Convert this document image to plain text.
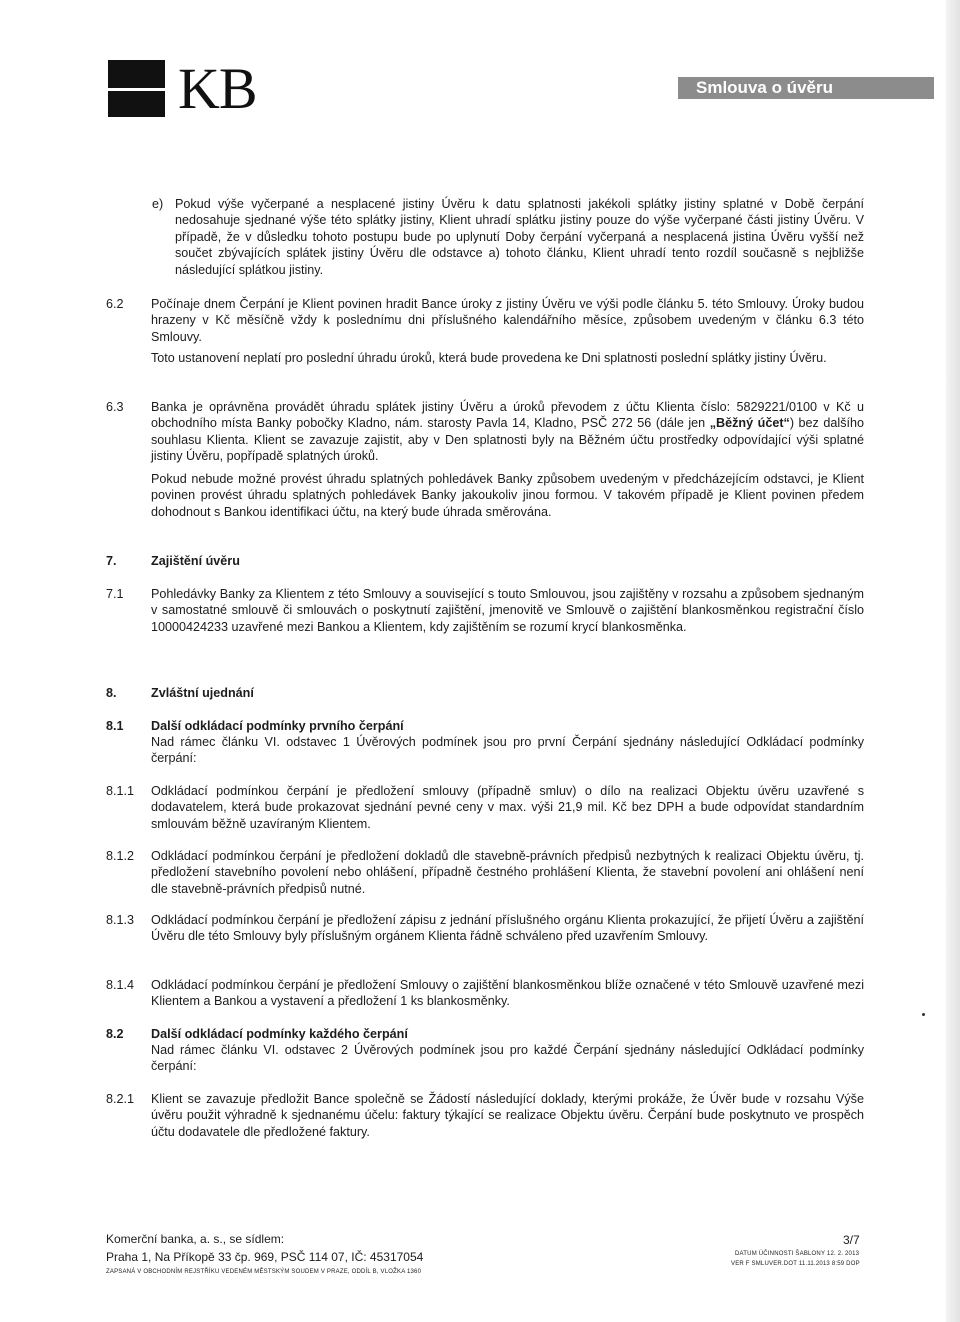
KB	Smlouva o úvěru
e) Pokud výše vyčerpané a nesplacené jistiny Úvěru k datu splatnosti jakékoli splátky jistiny splatné v Době čerpání nedosahuje sjednané výše této splátky jistiny, Klient uhradí splátku jistiny pouze do výše vyčerpané části jistiny Úvěru. V případě, že v důsledku tohoto postupu bude po uplynutí Doby čerpání vyčerpaná a nesplacená jistina Úvěru vyšší než součet zbývajících splátek jistiny Úvěru dle odstavce a) tohoto článku, Klient uhradí tento rozdíl současně s nejbližše následující splátkou jistiny.
6.2 Počínaje dnem Čerpání je Klient povinen hradit Bance úroky z jistiny Úvěru ve výši podle článku 5. této Smlouvy. Úroky budou hrazeny v Kč měsíčně vždy k poslednímu dni příslušného kalendářního měsíce, způsobem uvedeným v článku 6.3 této Smlouvy.
Toto ustanovení neplatí pro poslední úhradu úroků, která bude provedena ke Dni splatnosti poslední splátky jistiny Úvěru.
6.3 Banka je oprávněna provádět úhradu splátek jistiny Úvěru a úroků převodem z účtu Klienta číslo: 5829221/0100 v Kč u obchodního místa Banky pobočky Kladno, nám. starosty Pavla 14, Kladno, PSČ 272 56 (dále jen „Běžný účet“) bez dalšího souhlasu Klienta. Klient se zavazuje zajistit, aby v Den splatnosti byly na Běžném účtu prostředky odpovídající výši splatné jistiny Úvěru, popřípadě splatných úroků.
Pokud nebude možné provést úhradu splatných pohledávek Banky způsobem uvedeným v předcházejícím odstavci, je Klient povinen provést úhradu splatných pohledávek Banky jakoukoliv jinou formou. V takovém případě je Klient povinen předem dohodnout s Bankou identifikaci účtu, na který bude úhrada směrována.
7.	Zajištění úvěru
7.1 Pohledávky Banky za Klientem z této Smlouvy a související s touto Smlouvou, jsou zajištěny v rozsahu a způsobem sjednaným v samostatné smlouvě či smlouvách o poskytnutí zajištění, jmenovitě ve Smlouvě o zajištění blankosměnkou registrační číslo 10000424233 uzavřené mezi Bankou a Klientem, kdy zajištěním se rozumí krycí blankosměnka.
8.	Zvláštní ujednání
8.1 Další odkládací podmínky prvního čerpání
Nad rámec článku VI. odstavec 1 Úvěrových podmínek jsou pro první Čerpání sjednány následující Odkládací podmínky čerpání:
8.1.1 Odkládací podmínkou čerpání je předložení smlouvy (případně smluv) o dílo na realizaci Objektu úvěru uzavřené s dodavatelem, která bude prokazovat sjednání pevné ceny v max. výši 21,9 mil. Kč bez DPH a bude odpovídat standardním smlouvám běžně uzavíraným Klientem.
8.1.2 Odkládací podmínkou čerpání je předložení dokladů dle stavebně-právních předpisů nezbytných k realizaci Objektu úvěru, tj. předložení stavebního povolení nebo ohlášení, případně čestného prohlášení Klienta, že stavební povolení ani ohlášení není dle stavebně-právních předpisů nutné.
8.1.3 Odkládací podmínkou čerpání je předložení zápisu z jednání příslušného orgánu Klienta prokazující, že přijetí Úvěru a zajištění Úvěru dle této Smlouvy byly příslušným orgánem Klienta řádně schváleno před uzavřením Smlouvy.
8.1.4 Odkládací podmínkou čerpání je předložení Smlouvy o zajištění blankosměnkou blíže označené v této Smlouvě uzavřené mezi Klientem a Bankou a vystavení a předložení 1 ks blankosměnky.
8.2 Další odkládací podmínky každého čerpání
Nad rámec článku VI. odstavec 2 Úvěrových podmínek jsou pro každé Čerpání sjednány následující Odkládací podmínky čerpání:
8.2.1 Klient se zavazuje předložit Bance společně se Žádostí následující doklady, kterými prokáže, že Úvěr bude v rozsahu Výše úvěru použit výhradně k sjednanému účelu: faktury týkající se realizace Objektu úvěru. Čerpání bude poskytnuto ve prospěch účtu dodavatele dle předložené faktury.
Komerční banka, a. s., se sídlem:
Praha 1, Na Příkopě 33 čp. 969, PSČ 114 07, IČ: 45317054
ZAPSANÁ V OBCHODNÍM REJSTŘÍKU VEDENÉM MĚSTSKÝM SOUDEM V PRAZE, ODDÍL B, VLOŽKA 1360
3/7
DATUM ÚČINNOSTI ŠABLONY 12. 2. 2013
VER F SMLUVER.DOT 11.11.2013 8:59 DOP
